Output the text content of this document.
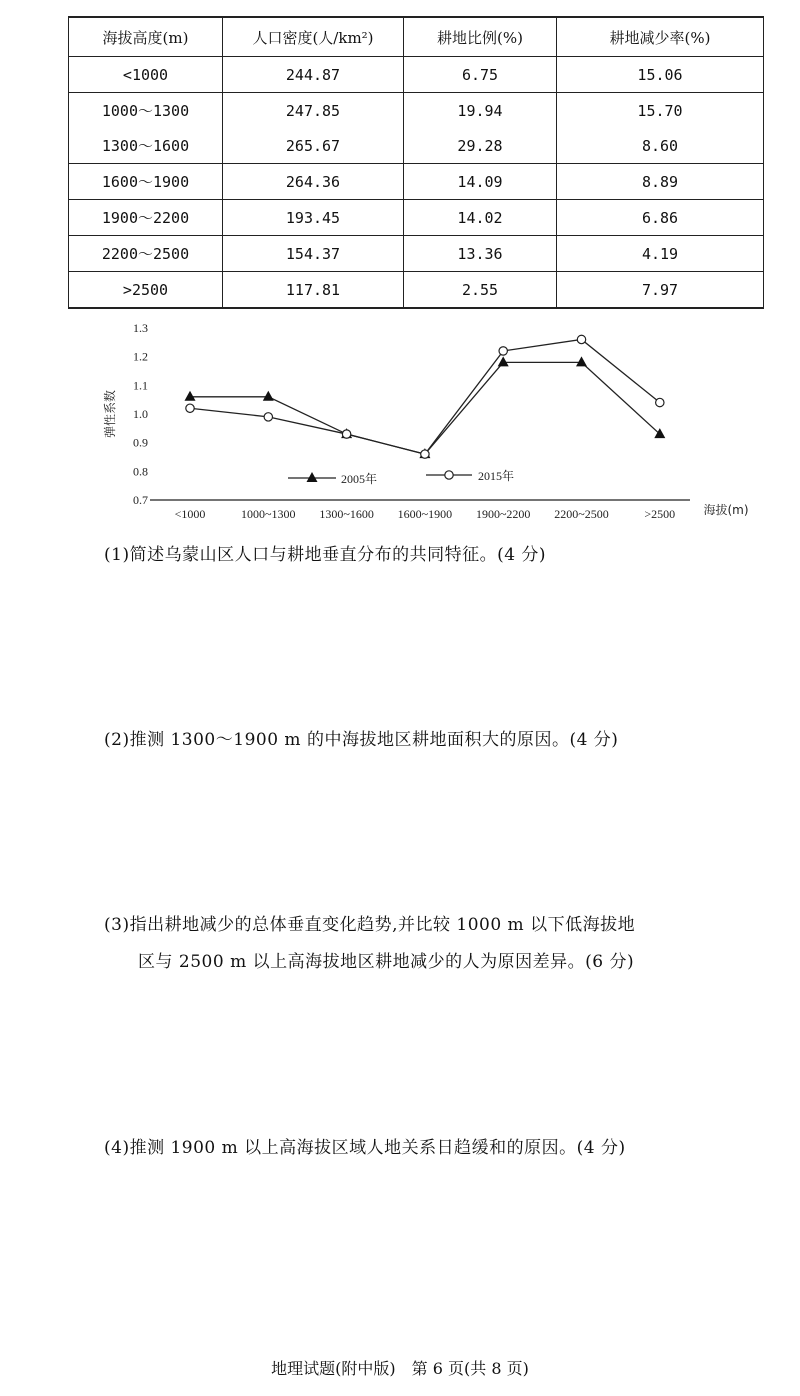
海拔高度(m)	人口密度(人/km²)	耕地比例(%)	耕地减少率(%)
<1000	244.87	6.75	15.06
1000～1300	247.85	19.94	15.70
1300～1600	265.67	29.28	8.60
1600～1900	264.36	14.09	8.89
1900～2200	193.45	14.02	6.86
2200～2500	154.37	13.36	4.19
>2500	117.81	2.55	7.97
0.7
0.8
0.9
1.0
1.1
1.2
1.3
弹性系数
<1000	1000~1300 1300~1600 1600~1900 1900~2200 2200~2500	>2500 海拔(m)
2005年	2015年
(1)简述乌蒙山区人口与耕地垂直分布的共同特征。(4 分)
(2)推测 1300～1900 m 的中海拔地区耕地面积大的原因。(4 分)
(3)指出耕地减少的总体垂直变化趋势,并比较 1000 m 以下低海拔地
区与 2500 m 以上高海拔地区耕地减少的人为原因差异。(6 分)
(4)推测 1900 m 以上高海拔区域人地关系日趋缓和的原因。(4 分)
地理试题(附中版)　第 6 页(共 8 页)
